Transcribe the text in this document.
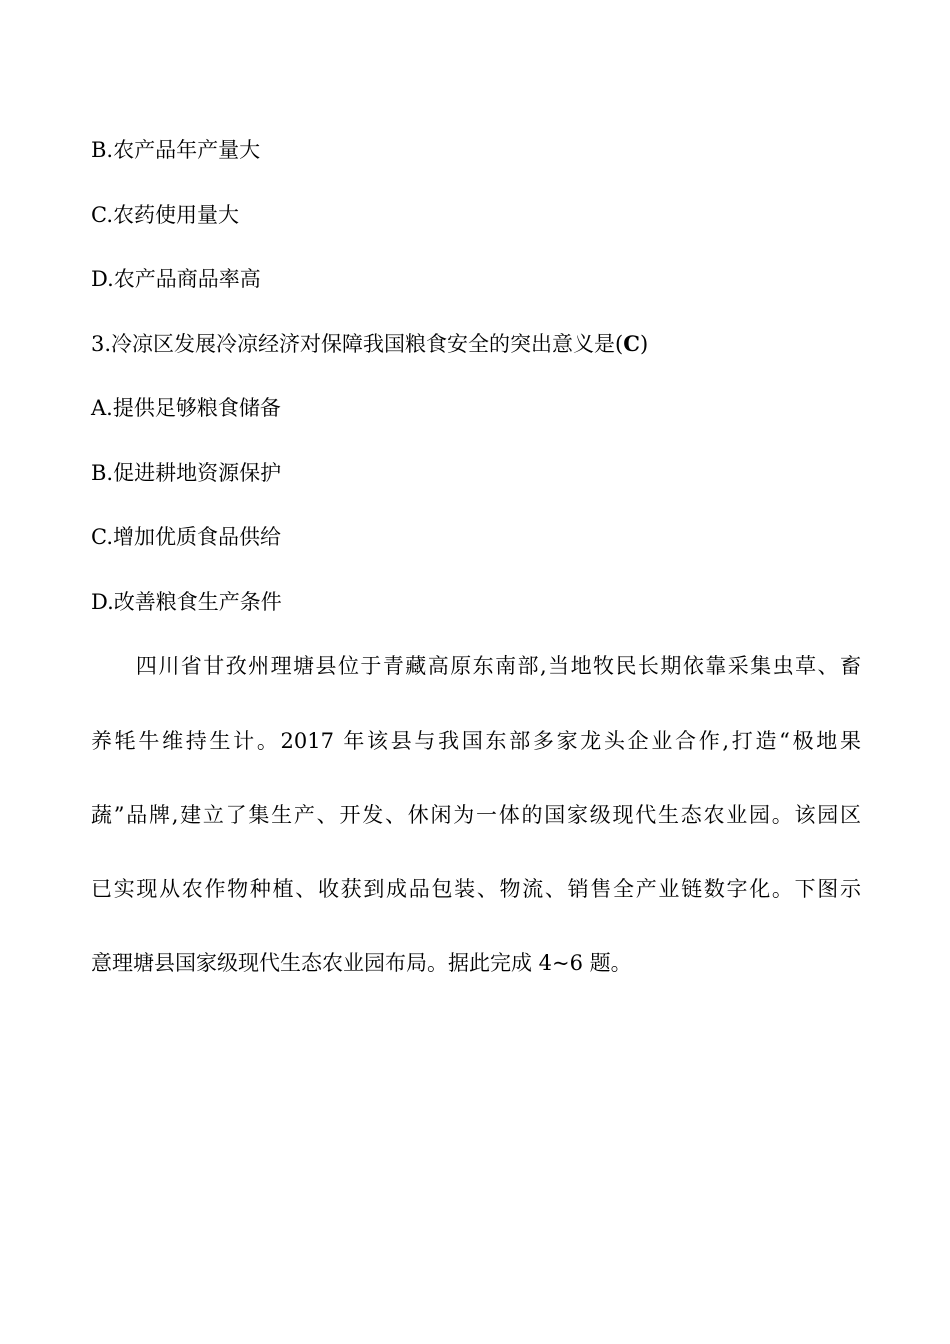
B.农产品年产量大

C.农药使用量大

D.农产品商品率高

3.冷凉区发展冷凉经济对保障我国粮食安全的突出意义是(C)

A.提供足够粮食储备

B.促进耕地资源保护

C.增加优质食品供给

D.改善粮食生产条件

　　四川省甘孜州理塘县位于青藏高原东南部,当地牧民长期依靠采集虫草、畜
养牦牛维持生计。2017 年该县与我国东部多家龙头企业合作,打造“极地果
蔬”品牌,建立了集生产、开发、休闲为一体的国家级现代生态农业园。该园区
已实现从农作物种植、收获到成品包装、物流、销售全产业链数字化。下图示
意理塘县国家级现代生态农业园布局。据此完成 4~6 题。
